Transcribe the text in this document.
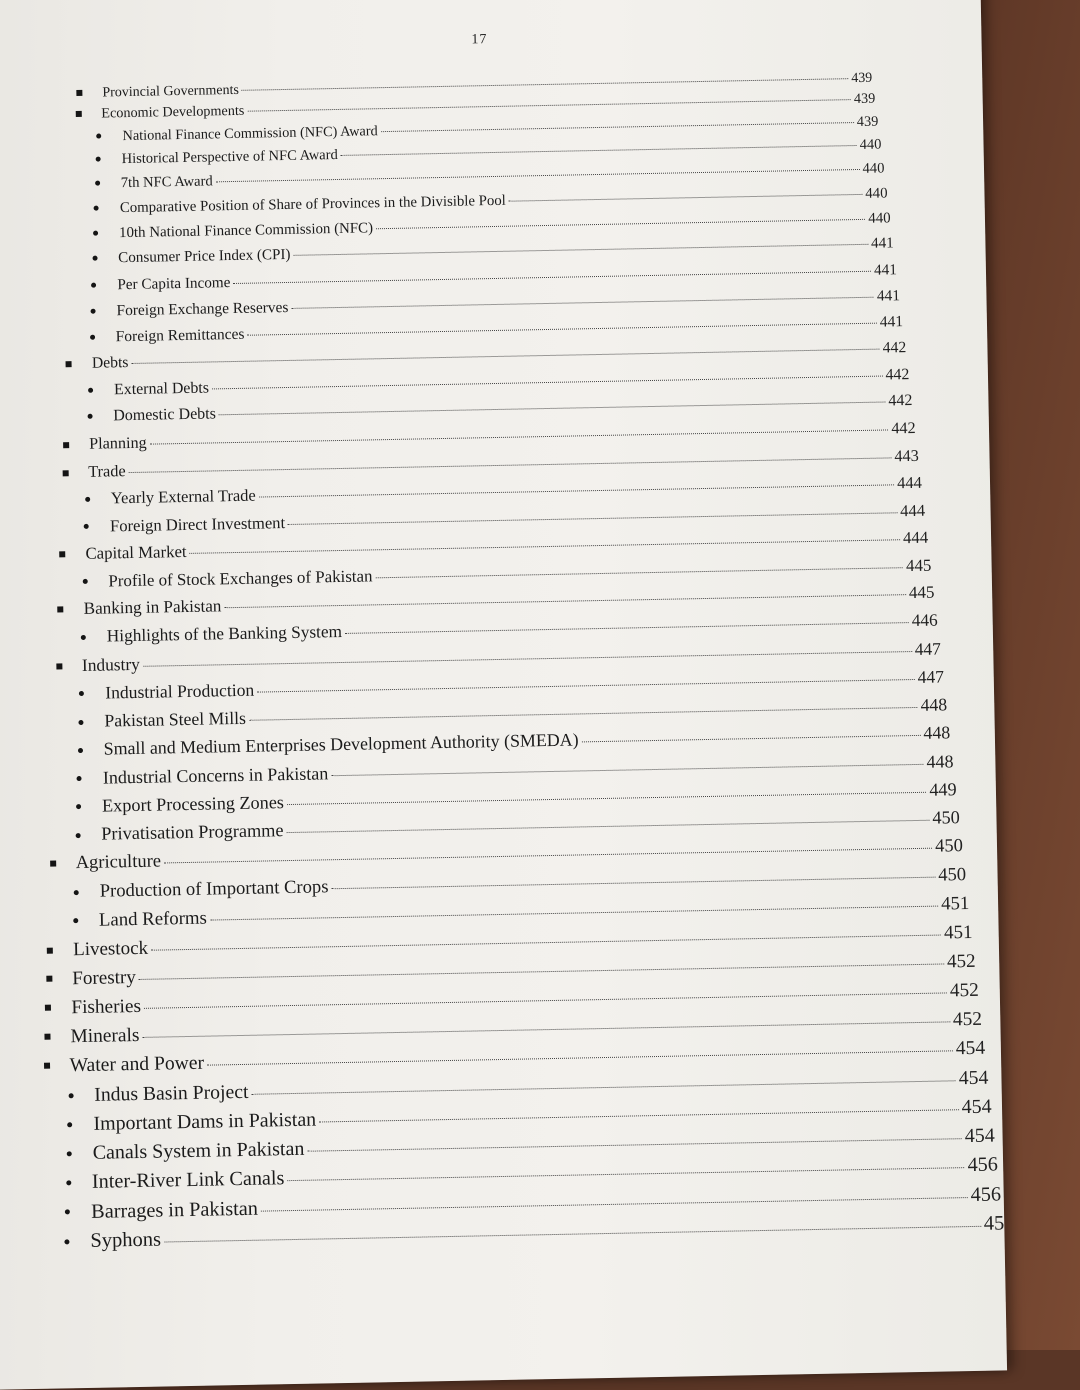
17
Provincial Governments
439
Economic Developments
439
National Finance Commission (NFC) Award
439
Historical Perspective of NFC Award
440
7th NFC Award
440
Comparative Position of Share of Provinces in the Divisible Pool	440
10th National Finance Commission (NFC)
440
Consumer Price Index (CPI)
441
Per Capita Income
441
Foreign Exchange Reserves
441
Foreign Remittances
441
Debts
442
External Debts
442
Domestic Debts
442
Planning
442
Trade
443
Yearly External Trade
444
Foreign Direct Investment
444
Capital Market
444
Profile of Stock Exchanges of Pakistan
445
Banking in Pakistan
445
Highlights of the Banking System
446
Industry
447
Industrial Production
447
Pakistan Steel Mills
448
Small and Medium Enterprises Development Authority (SMEDA)	448
Industrial Concerns in Pakistan
448
Export Processing Zones
449
Privatisation Programme
450
Agriculture
450
Production of Important Crops
450
Land Reforms
451
Livestock
451
Forestry
452
Fisheries
452
Minerals
452
Water and Power
454
Indus Basin Project
454
Important Dams in Pakistan
454
Canals System in Pakistan
454
Inter-River Link Canals
456
Barrages in Pakistan
456
Syphons
45
